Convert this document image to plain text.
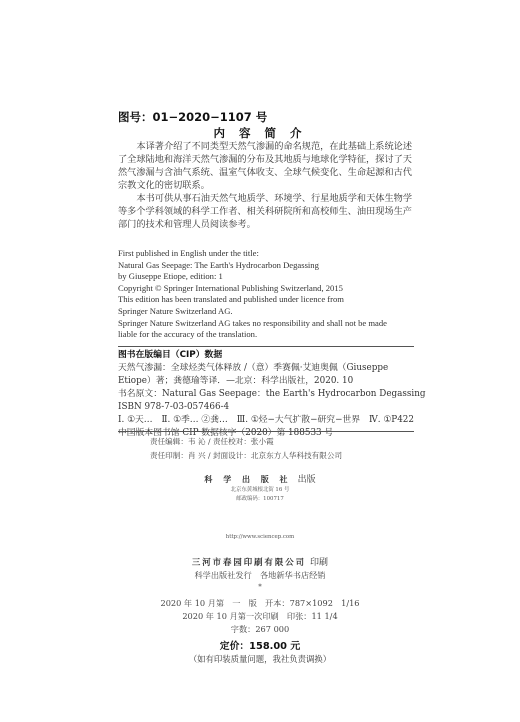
图号：01−2020−1107 号
内 容 简 介

本译著介绍了不同类型天然气渗漏的命名规范，在此基础上系统论述了全球陆地和海洋天然气渗漏的分布及其地质与地球化学特征，探讨了天然气渗漏与含油气系统、温室气体收支、全球气候变化、生命起源和古代宗教文化的密切联系。

本书可供从事石油天然气地质学、环境学、行星地质学和天体生物学等多个学科领域的科学工作者、相关科研院所和高校师生、油田现场生产部门的技术和管理人员阅读参考。

First published in English under the title:
Natural Gas Seepage: The Earth's Hydrocarbon Degassing
by Giuseppe Etiope, edition: 1
Copyright © Springer International Publishing Switzerland, 2015
This edition has been translated and published under licence from
Springer Nature Switzerland AG.
Springer Nature Switzerland AG takes no responsibility and shall not be made
liable for the accuracy of the translation.
图书在版编目（CIP）数据
天然气渗漏：全球烃类气体释放 /（意）季赛佩·艾迪奥佩（Giuseppe
Etiope）著；龚德瑜等译．—北京：科学出版社，2020. 10
书名原文：Natural Gas Seepage：the Earth's Hydrocarbon Degassing
ISBN 978-7-03-057466-4
Ⅰ. ①天… Ⅱ. ①季… ②龚… Ⅲ. ①烃−大气扩散−研究−世界 Ⅳ. ①P422
中国版本图书馆 CIP 数据核字（2020）第 188533 号
责任编辑：韦 沁 / 责任校对：张小霞
责任印制：肖 兴 / 封面设计：北京东方人华科技有限公司
科 学 出 版 社 出版
北京东黄城根北街 16 号
邮政编码：100717
http://www.sciencep.com
三河市春园印刷有限公司 印刷
科学出版社发行　各地新华书店经销
*
2020 年 10 月第　一　版　开本：787×1092　1/16
2020 年 10 月第一次印刷　印张：11 1/4
字数：267 000
定价：158.00 元
（如有印装质量问题，我社负责调换）
